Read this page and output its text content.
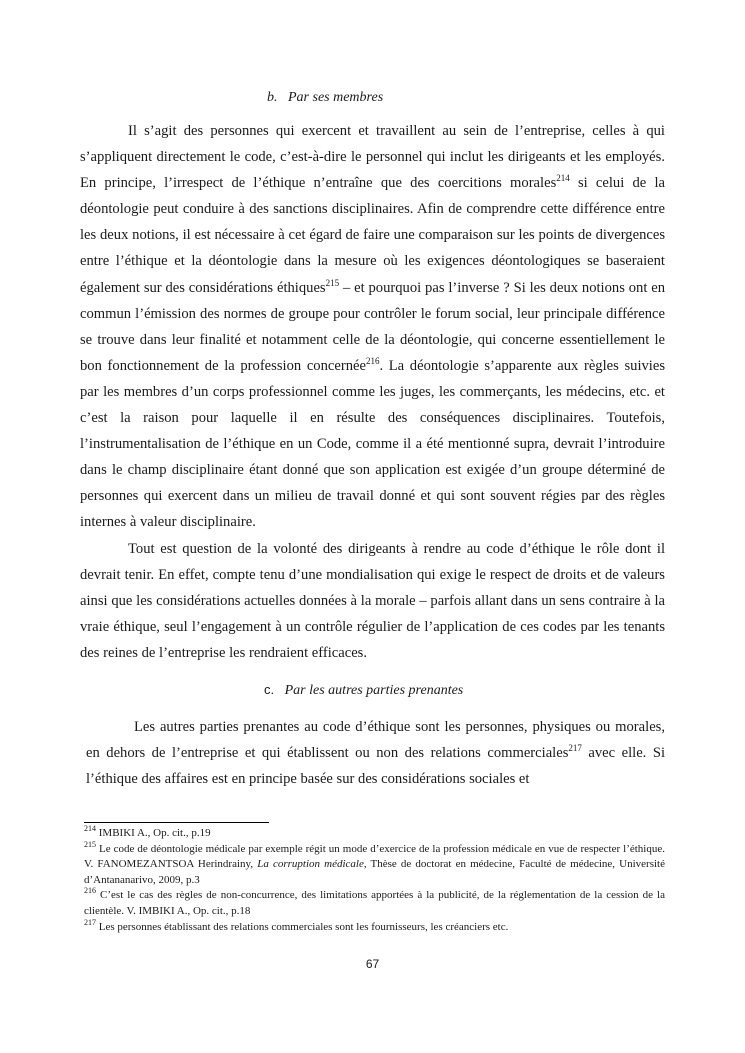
b. Par ses membres

Il s’agit des personnes qui exercent et travaillent au sein de l’entreprise, celles à qui s’appliquent directement le code, c’est-à-dire le personnel qui inclut les dirigeants et les employés. En principe, l’irrespect de l’éthique n’entraîne que des coercitions morales$^{214}$ si celui de la déontologie peut conduire à des sanctions disciplinaires. Afin de comprendre cette différence entre les deux notions, il est nécessaire à cet égard de faire une comparaison sur les points de divergences entre l’éthique et la déontologie dans la mesure où les exigences déontologiques se baseraient également sur des considérations éthiques$^{215}$ – et pourquoi pas l’inverse ? Si les deux notions ont en commun l’émission des normes de groupe pour contrôler le forum social, leur principale différence se trouve dans leur finalité et notamment celle de la déontologie, qui concerne essentiellement le bon fonctionnement de la profession concernée$^{216}$. La déontologie s’apparente aux règles suivies par les membres d’un corps professionnel comme les juges, les commerçants, les médecins, etc. et c’est la raison pour laquelle il en résulte des conséquences disciplinaires. Toutefois, l’instrumentalisation de l’éthique en un Code, comme il a été mentionné supra, devrait l’introduire dans le champ disciplinaire étant donné que son application est exigée d’un groupe déterminé de personnes qui exercent dans un milieu de travail donné et qui sont souvent régies par des règles internes à valeur disciplinaire.

Tout est question de la volonté des dirigeants à rendre au code d’éthique le rôle dont il devrait tenir. En effet, compte tenu d’une mondialisation qui exige le respect de droits et de valeurs ainsi que les considérations actuelles données à la morale – parfois allant dans un sens contraire à la vraie éthique, seul l’engagement à un contrôle régulier de l’application de ces codes par les tenants des reines de l’entreprise les rendraient efficaces.

c. Par les autres parties prenantes

Les autres parties prenantes au code d’éthique sont les personnes, physiques ou morales, en dehors de l’entreprise et qui établissent ou non des relations commerciales$^{217}$ avec elle. Si l’éthique des affaires est en principe basée sur des considérations sociales et

$^{214}$ IMBIKI A., Op. cit., p.19

$^{215}$ Le code de déontologie médicale par exemple régit un mode d’exercice de la profession médicale en vue de respecter l’éthique. V. FANOMEZANTSOA Herindrainy, La corruption médicale, Thèse de doctorat en médecine, Faculté de médecine, Université d’Antananarivo, 2009, p.3

$^{216}$ C’est le cas des règles de non-concurrence, des limitations apportées à la publicité, de la réglementation de la cession de la clientèle. V. IMBIKI A., Op. cit., p.18

$^{217}$ Les personnes établissant des relations commerciales sont les fournisseurs, les créanciers etc.

67
